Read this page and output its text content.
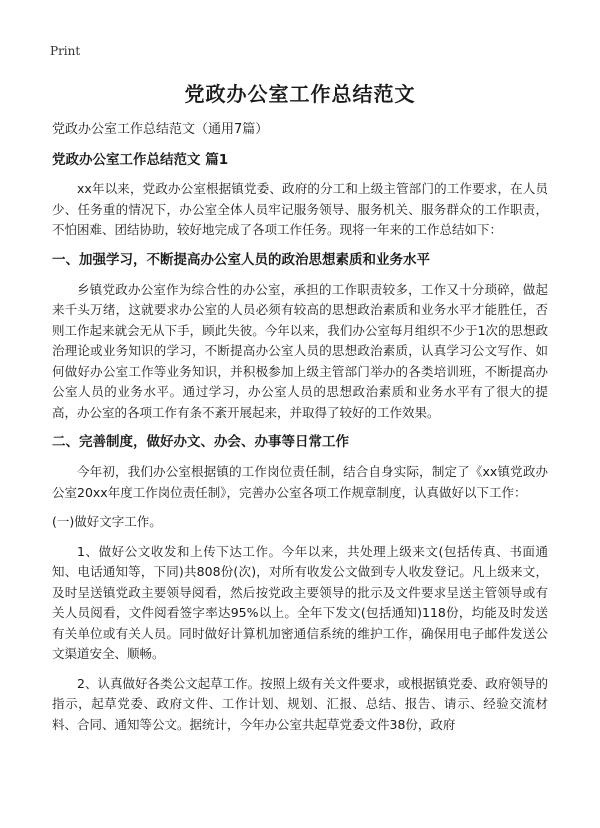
Print
党政办公室工作总结范文

党政办公室工作总结范文（通用7篇）

党政办公室工作总结范文 篇1

xx年以来，党政办公室根据镇党委、政府的分工和上级主管部门的工作要求，在人员少、任务重的情况下，办公室全体人员牢记服务领导、服务机关、服务群众的工作职责，不怕困难、团结协助，较好地完成了各项工作任务。现将一年来的工作总结如下：

一、加强学习，不断提高办公室人员的政治思想素质和业务水平

乡镇党政办公室作为综合性的办公室，承担的工作职责较多，工作又十分琐碎，做起来千头万绪，这就要求办公室的人员必须有较高的思想政治素质和业务水平才能胜任，否则工作起来就会无从下手，顾此失彼。今年以来，我们办公室每月组织不少于1次的思想政治理论或业务知识的学习，不断提高办公室人员的思想政治素质，认真学习公文写作、如何做好办公室工作等业务知识，并积极参加上级主管部门举办的各类培训班，不断提高办公室人员的业务水平。通过学习，办公室人员的思想政治素质和业务水平有了很大的提高，办公室的各项工作有条不紊开展起来，并取得了较好的工作效果。

二、完善制度，做好办文、办会、办事等日常工作

今年初，我们办公室根据镇的工作岗位责任制，结合自身实际，制定了《xx镇党政办公室20xx年度工作岗位责任制》，完善办公室各项工作规章制度，认真做好以下工作：

(一)做好文字工作。

1、做好公文收发和上传下达工作。今年以来，共处理上级来文(包括传真、书面通知、电话通知等，下同)共808份(次)，对所有收发公文做到专人收发登记。凡上级来文，及时呈送镇党政主要领导阅看，然后按党政主要领导的批示及文件要求呈送主管领导或有关人员阅看，文件阅看签字率达95%以上。全年下发文(包括通知)118份，均能及时发送有关单位或有关人员。同时做好计算机加密通信系统的维护工作，确保用电子邮件发送公文渠道安全、顺畅。

2、认真做好各类公文起草工作。按照上级有关文件要求，或根据镇党委、政府领导的指示，起草党委、政府文件、工作计划、规划、汇报、总结、报告、请示、经验交流材料、合同、通知等公文。据统计，今年办公室共起草党委文件38份，政府
